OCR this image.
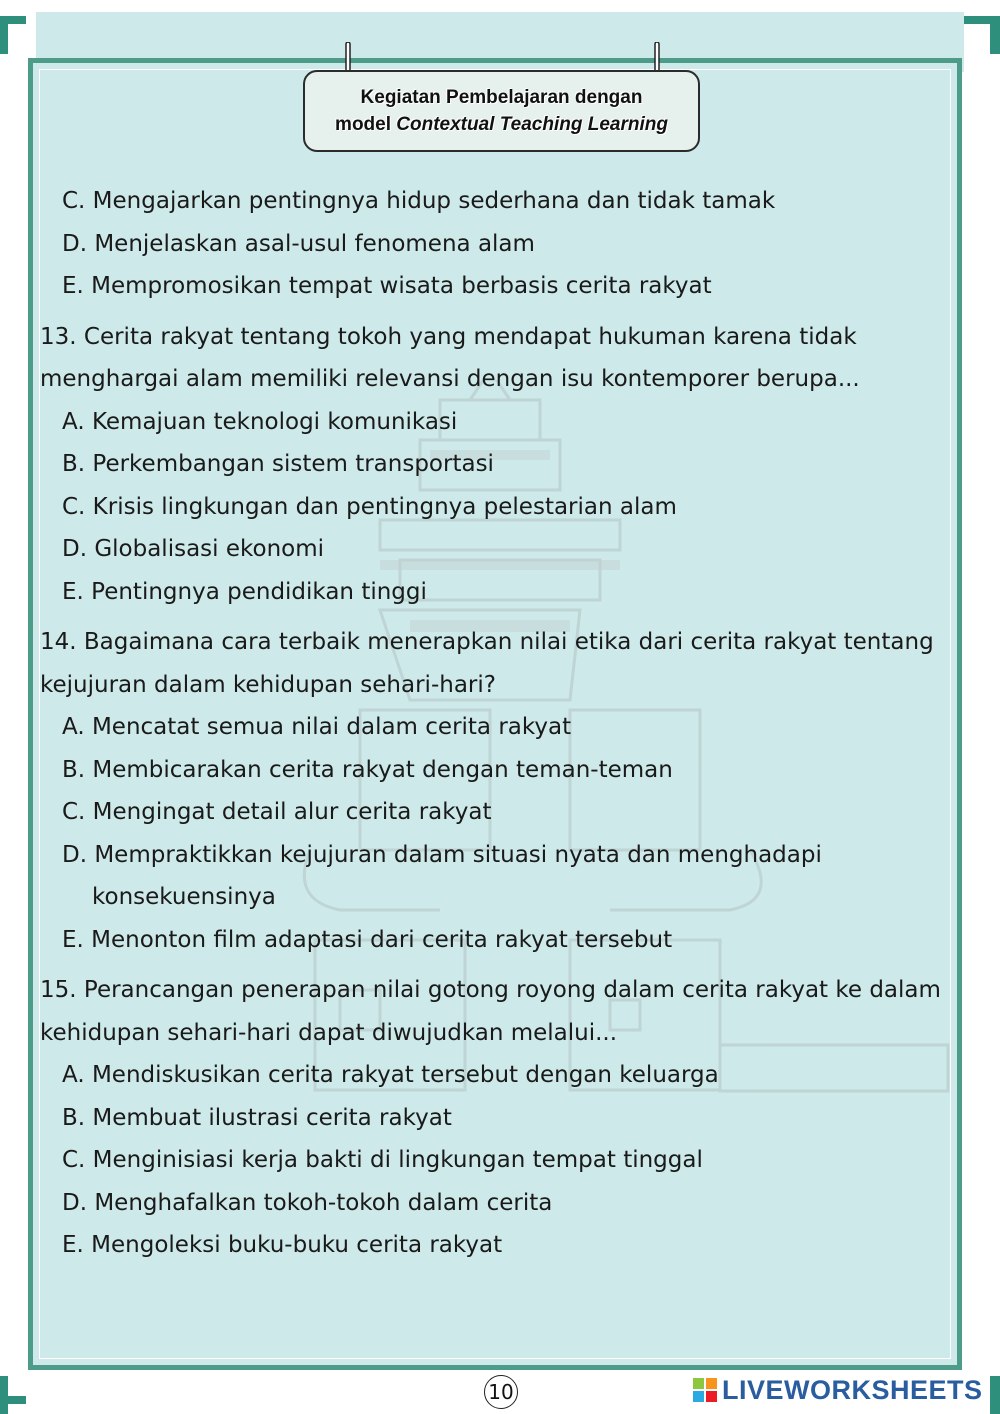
Kegiatan Pembelajaran dengan
model Contextual Teaching Learning
C. Mengajarkan pentingnya hidup sederhana dan tidak tamak
D. Menjelaskan asal-usul fenomena alam
E. Mempromosikan tempat wisata berbasis cerita rakyat
13. Cerita rakyat tentang tokoh yang mendapat hukuman karena tidak
menghargai alam memiliki relevansi dengan isu kontemporer berupa...
A. Kemajuan teknologi komunikasi
B. Perkembangan sistem transportasi
C. Krisis lingkungan dan pentingnya pelestarian alam
D. Globalisasi ekonomi
E. Pentingnya pendidikan tinggi
14. Bagaimana cara terbaik menerapkan nilai etika dari cerita rakyat tentang
kejujuran dalam kehidupan sehari-hari?
A. Mencatat semua nilai dalam cerita rakyat
B. Membicarakan cerita rakyat dengan teman-teman
C. Mengingat detail alur cerita rakyat
D. Mempraktikkan kejujuran dalam situasi nyata dan menghadapi
konsekuensinya
E. Menonton film adaptasi dari cerita rakyat tersebut
15. Perancangan penerapan nilai gotong royong dalam cerita rakyat ke dalam
kehidupan sehari-hari dapat diwujudkan melalui...
A. Mendiskusikan cerita rakyat tersebut dengan keluarga
B. Membuat ilustrasi cerita rakyat
C. Menginisiasi kerja bakti di lingkungan tempat tinggal
D. Menghafalkan tokoh-tokoh dalam cerita
E. Mengoleksi buku-buku cerita rakyat
10	LIVEWORKSHEETS
